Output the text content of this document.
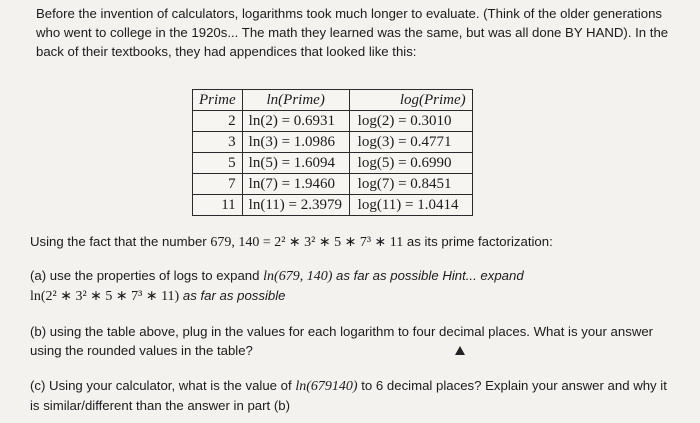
Before the invention of calculators, logarithms took much longer to evaluate. (Think of the older generations who went to college in the 1920s... The math they learned was the same, but was all done BY HAND). In the back of their textbooks, they had appendices that looked like this:
Prime	ln(Prime)	log(Prime)
2	ln(2) = 0.6931	log(2) = 0.3010
3	ln(3) = 1.0986	log(3) = 0.4771
5	ln(5) = 1.6094	log(5) = 0.6990
7	ln(7) = 1.9460	log(7) = 0.8451
11	ln(11) = 2.3979	log(11) = 1.0414
Using the fact that the number 679, 140 = 2² ∗ 3² ∗ 5 ∗ 7³ ∗ 11 as its prime factorization:
(a) use the properties of logs to expand ln(679, 140) as far as possible Hint... expand
ln(2² ∗ 3² ∗ 5 ∗ 7³ ∗ 11) as far as possible
(b) using the table above, plug in the values for each logarithm to four decimal places. What is your answer using the rounded values in the table?
(c) Using your calculator, what is the value of ln(679140) to 6 decimal places? Explain your answer and why it is similar/different than the answer in part (b)
